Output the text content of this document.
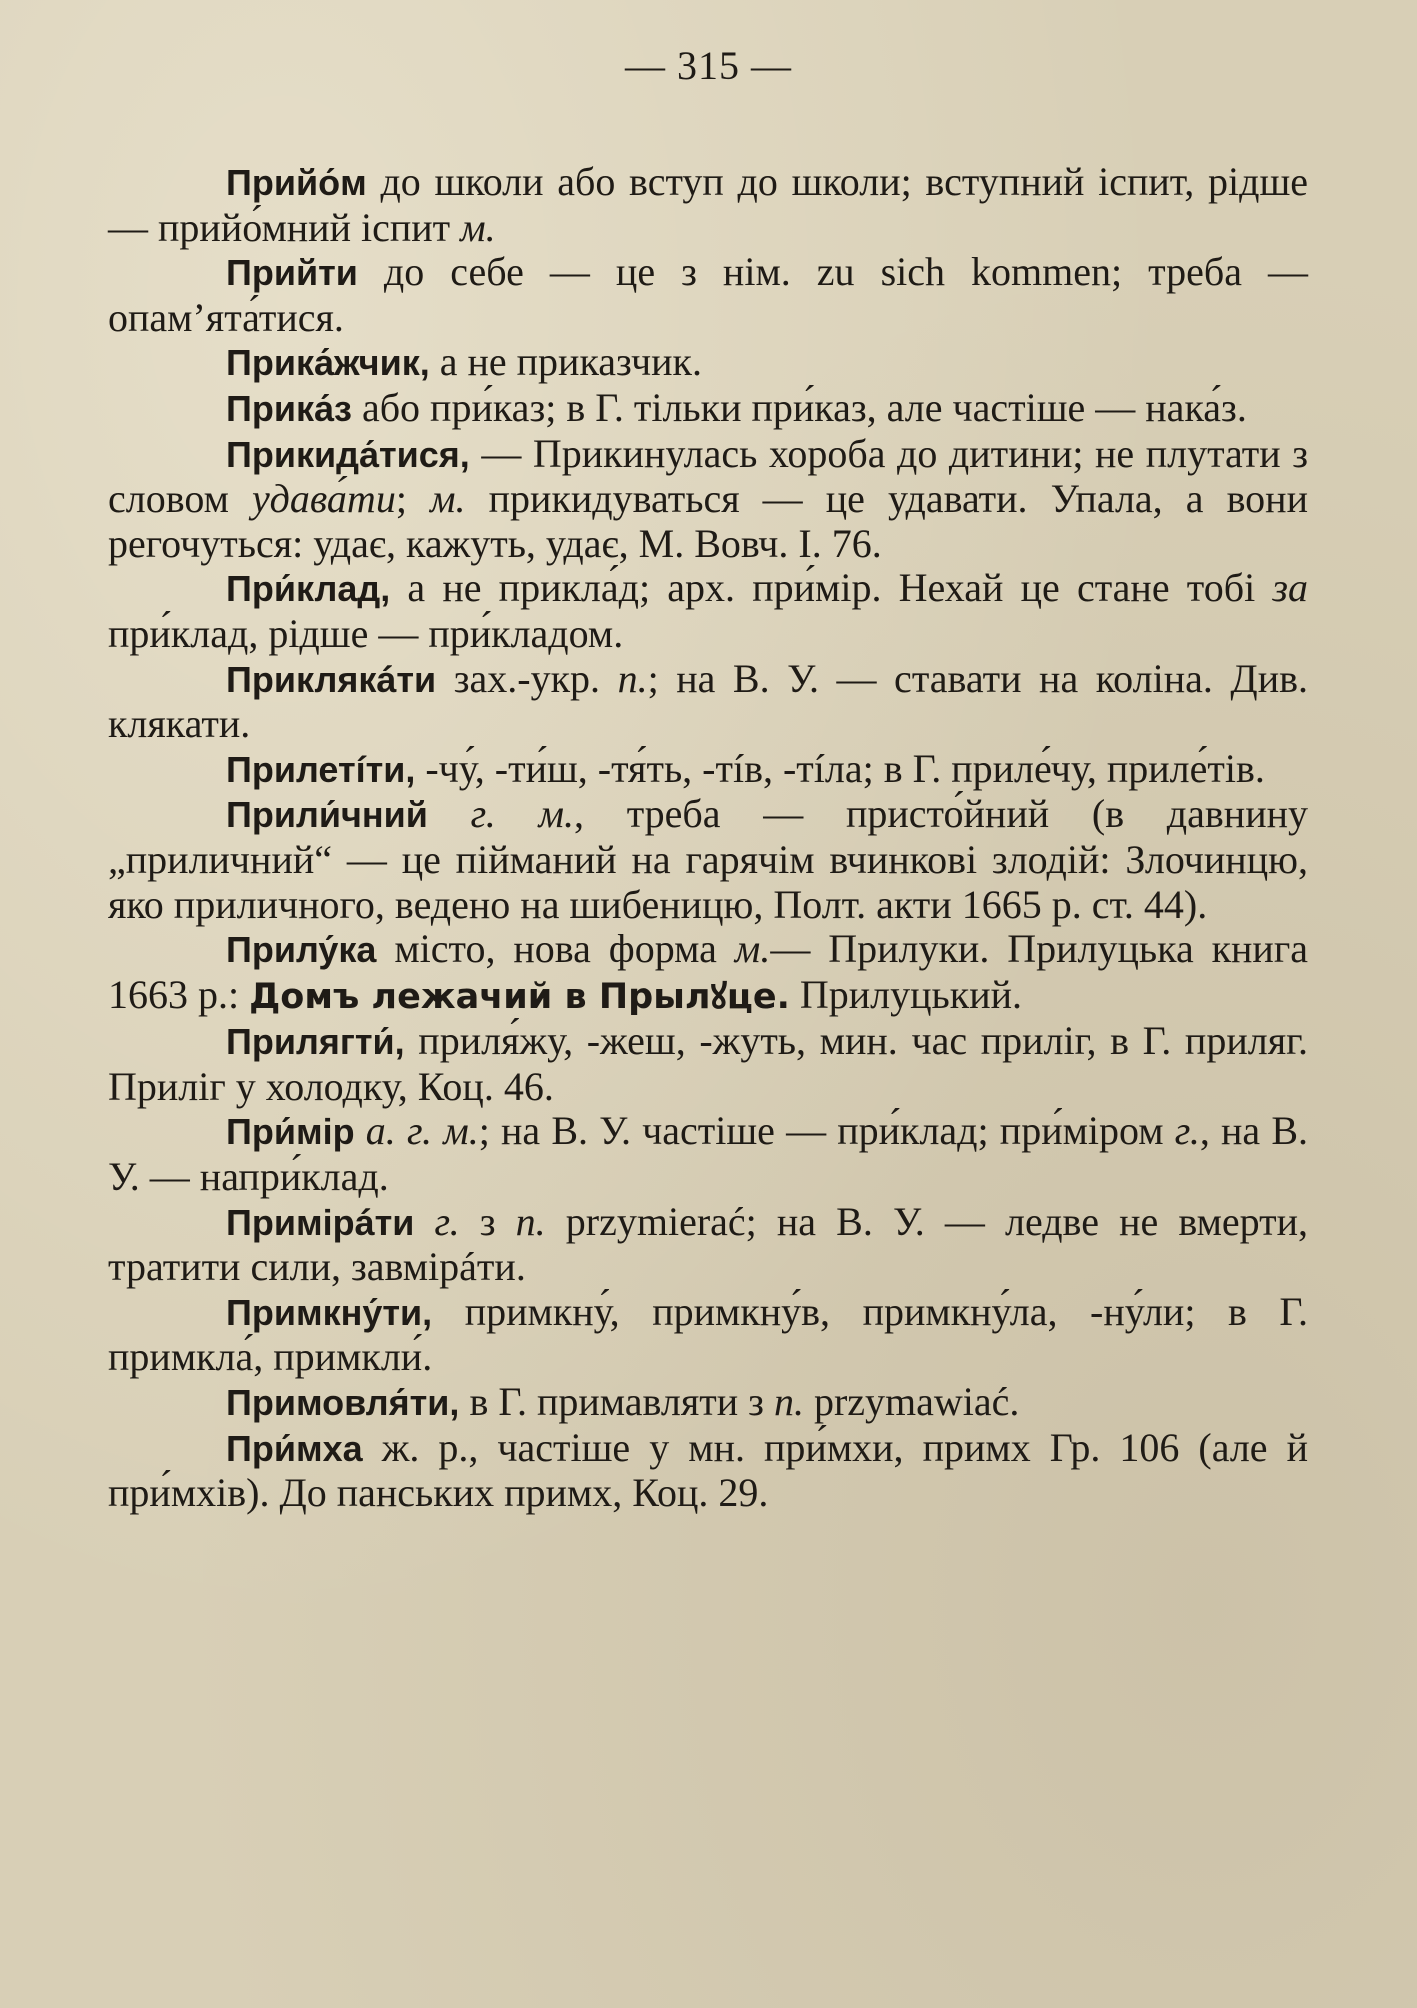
— 315 —

Прийо́м до школи або вступ до школи; вступний іспит, рідше — прийо́мний іспит м.

Прийти до себе — це з нім. zu sich kommen; треба — опам’ята́тися.

Прика́жчик, а не приказчик.

Прика́з або при́каз; в Г. тільки при́каз, але частіше — нака́з.

Прикида́тися, — Прикинулась хороба до дитини; не плутати з словом удава́ти; м. прикидуваться — це удавати. Упала, а вони регочуться: удає, кажуть, удає, М. Вовч. І. 76.

При́клад, а не прикла́д; арх. при́мір. Нехай це стане тобі за при́клад, рідше — при́кладом.

Приклякáти зах.-укр. п.; на В. У. — ставати на коліна. Див. клякати.

Прилетíти, -чу́, -ти́ш, -тя́ть, -тíв, -тíла; в Г. приле́чу, приле́тів.

Прили́чний г. м., треба — присто́йний (в давнину „приличний“ — це пійманий на гарячім вчинкові злодій: Злочинцю, яко приличного, ведено на шибеницю, Полт. акти 1665 р. ст. 44).

Прилу́ка місто, нова форма м.— Прилуки. Прилуцька книга 1663 р.: Домъ лежачий в Прылꙋце. Прилуцький.

Прилягти́, приля́жу, -жеш, -жуть, мин. час приліг, в Г. приляг. Приліг у холодку, Коц. 46.

При́мір а. г. м.; на В. У. частіше — при́клад; при́міром г., на В. У. — напри́клад.

Примірáти г. з п. przymierać; на В. У. — ледве не вмерти, тратити сили, завмірáти.

Примкну́ти, примкну́, примкну́в, примкну́ла, -ну́ли; в Г. примкла́, примкли́.

Примовля́ти, в Г. примавляти з п. przymawiać.

При́мха ж. р., частіше у мн. при́мхи, примх Гр. 106 (але й при́мхів). До панських примх, Коц. 29.
